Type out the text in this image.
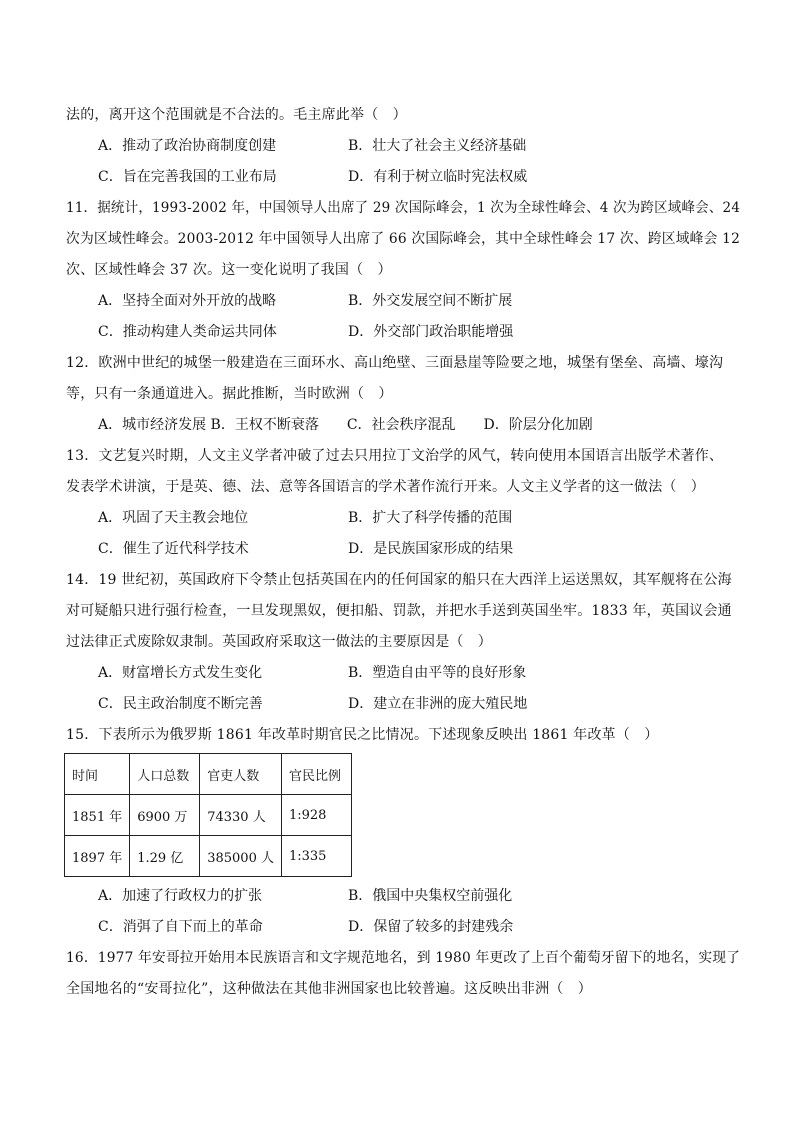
法的，离开这个范围就是不合法的。毛主席此举（　）
A．推动了政治协商制度创建	B．壮大了社会主义经济基础
C．旨在完善我国的工业布局	D．有利于树立临时宪法权威
11．据统计，1993-2002 年，中国领导人出席了 29 次国际峰会，1 次为全球性峰会、4 次为跨区域峰会、24
次为区域性峰会。2003-2012 年中国领导人出席了 66 次国际峰会，其中全球性峰会 17 次、跨区域峰会 12
次、区域性峰会 37 次。这一变化说明了我国（　）
A．坚持全面对外开放的战略	B．外交发展空间不断扩展
C．推动构建人类命运共同体	D．外交部门政治职能增强
12．欧洲中世纪的城堡一般建造在三面环水、高山绝壁、三面悬崖等险要之地，城堡有堡垒、高墙、壕沟
等，只有一条通道进入。据此推断，当时欧洲（　）
A．城市经济发展 B．王权不断衰落　　C．社会秩序混乱　　D．阶层分化加剧
13．文艺复兴时期，人文主义学者冲破了过去只用拉丁文治学的风气，转向使用本国语言出版学术著作、
发表学术讲演，于是英、德、法、意等各国语言的学术著作流行开来。人文主义学者的这一做法（　）
A．巩固了天主教会地位	B．扩大了科学传播的范围
C．催生了近代科学技术	D．是民族国家形成的结果
14．19 世纪初，英国政府下令禁止包括英国在内的任何国家的船只在大西洋上运送黑奴，其军舰将在公海
对可疑船只进行强行检查，一旦发现黑奴，便扣船、罚款，并把水手送到英国坐牢。1833 年，英国议会通
过法律正式废除奴隶制。英国政府采取这一做法的主要原因是（　）
A．财富增长方式发生变化	B．塑造自由平等的良好形象
C．民主政治制度不断完善	D．建立在非洲的庞大殖民地
15．下表所示为俄罗斯 1861 年改革时期官民之比情况。下述现象反映出 1861 年改革（　）
时间	人口总数	官吏人数	官民比例
1851 年	6900 万	74330 人	1:928
1897 年	1.29 亿	385000 人	1:335
A．加速了行政权力的扩张	B．俄国中央集权空前强化
C．消弭了自下而上的革命	D．保留了较多的封建残余
16．1977 年安哥拉开始用本民族语言和文字规范地名，到 1980 年更改了上百个葡萄牙留下的地名，实现了
全国地名的“安哥拉化”，这种做法在其他非洲国家也比较普遍。这反映出非洲（　）
